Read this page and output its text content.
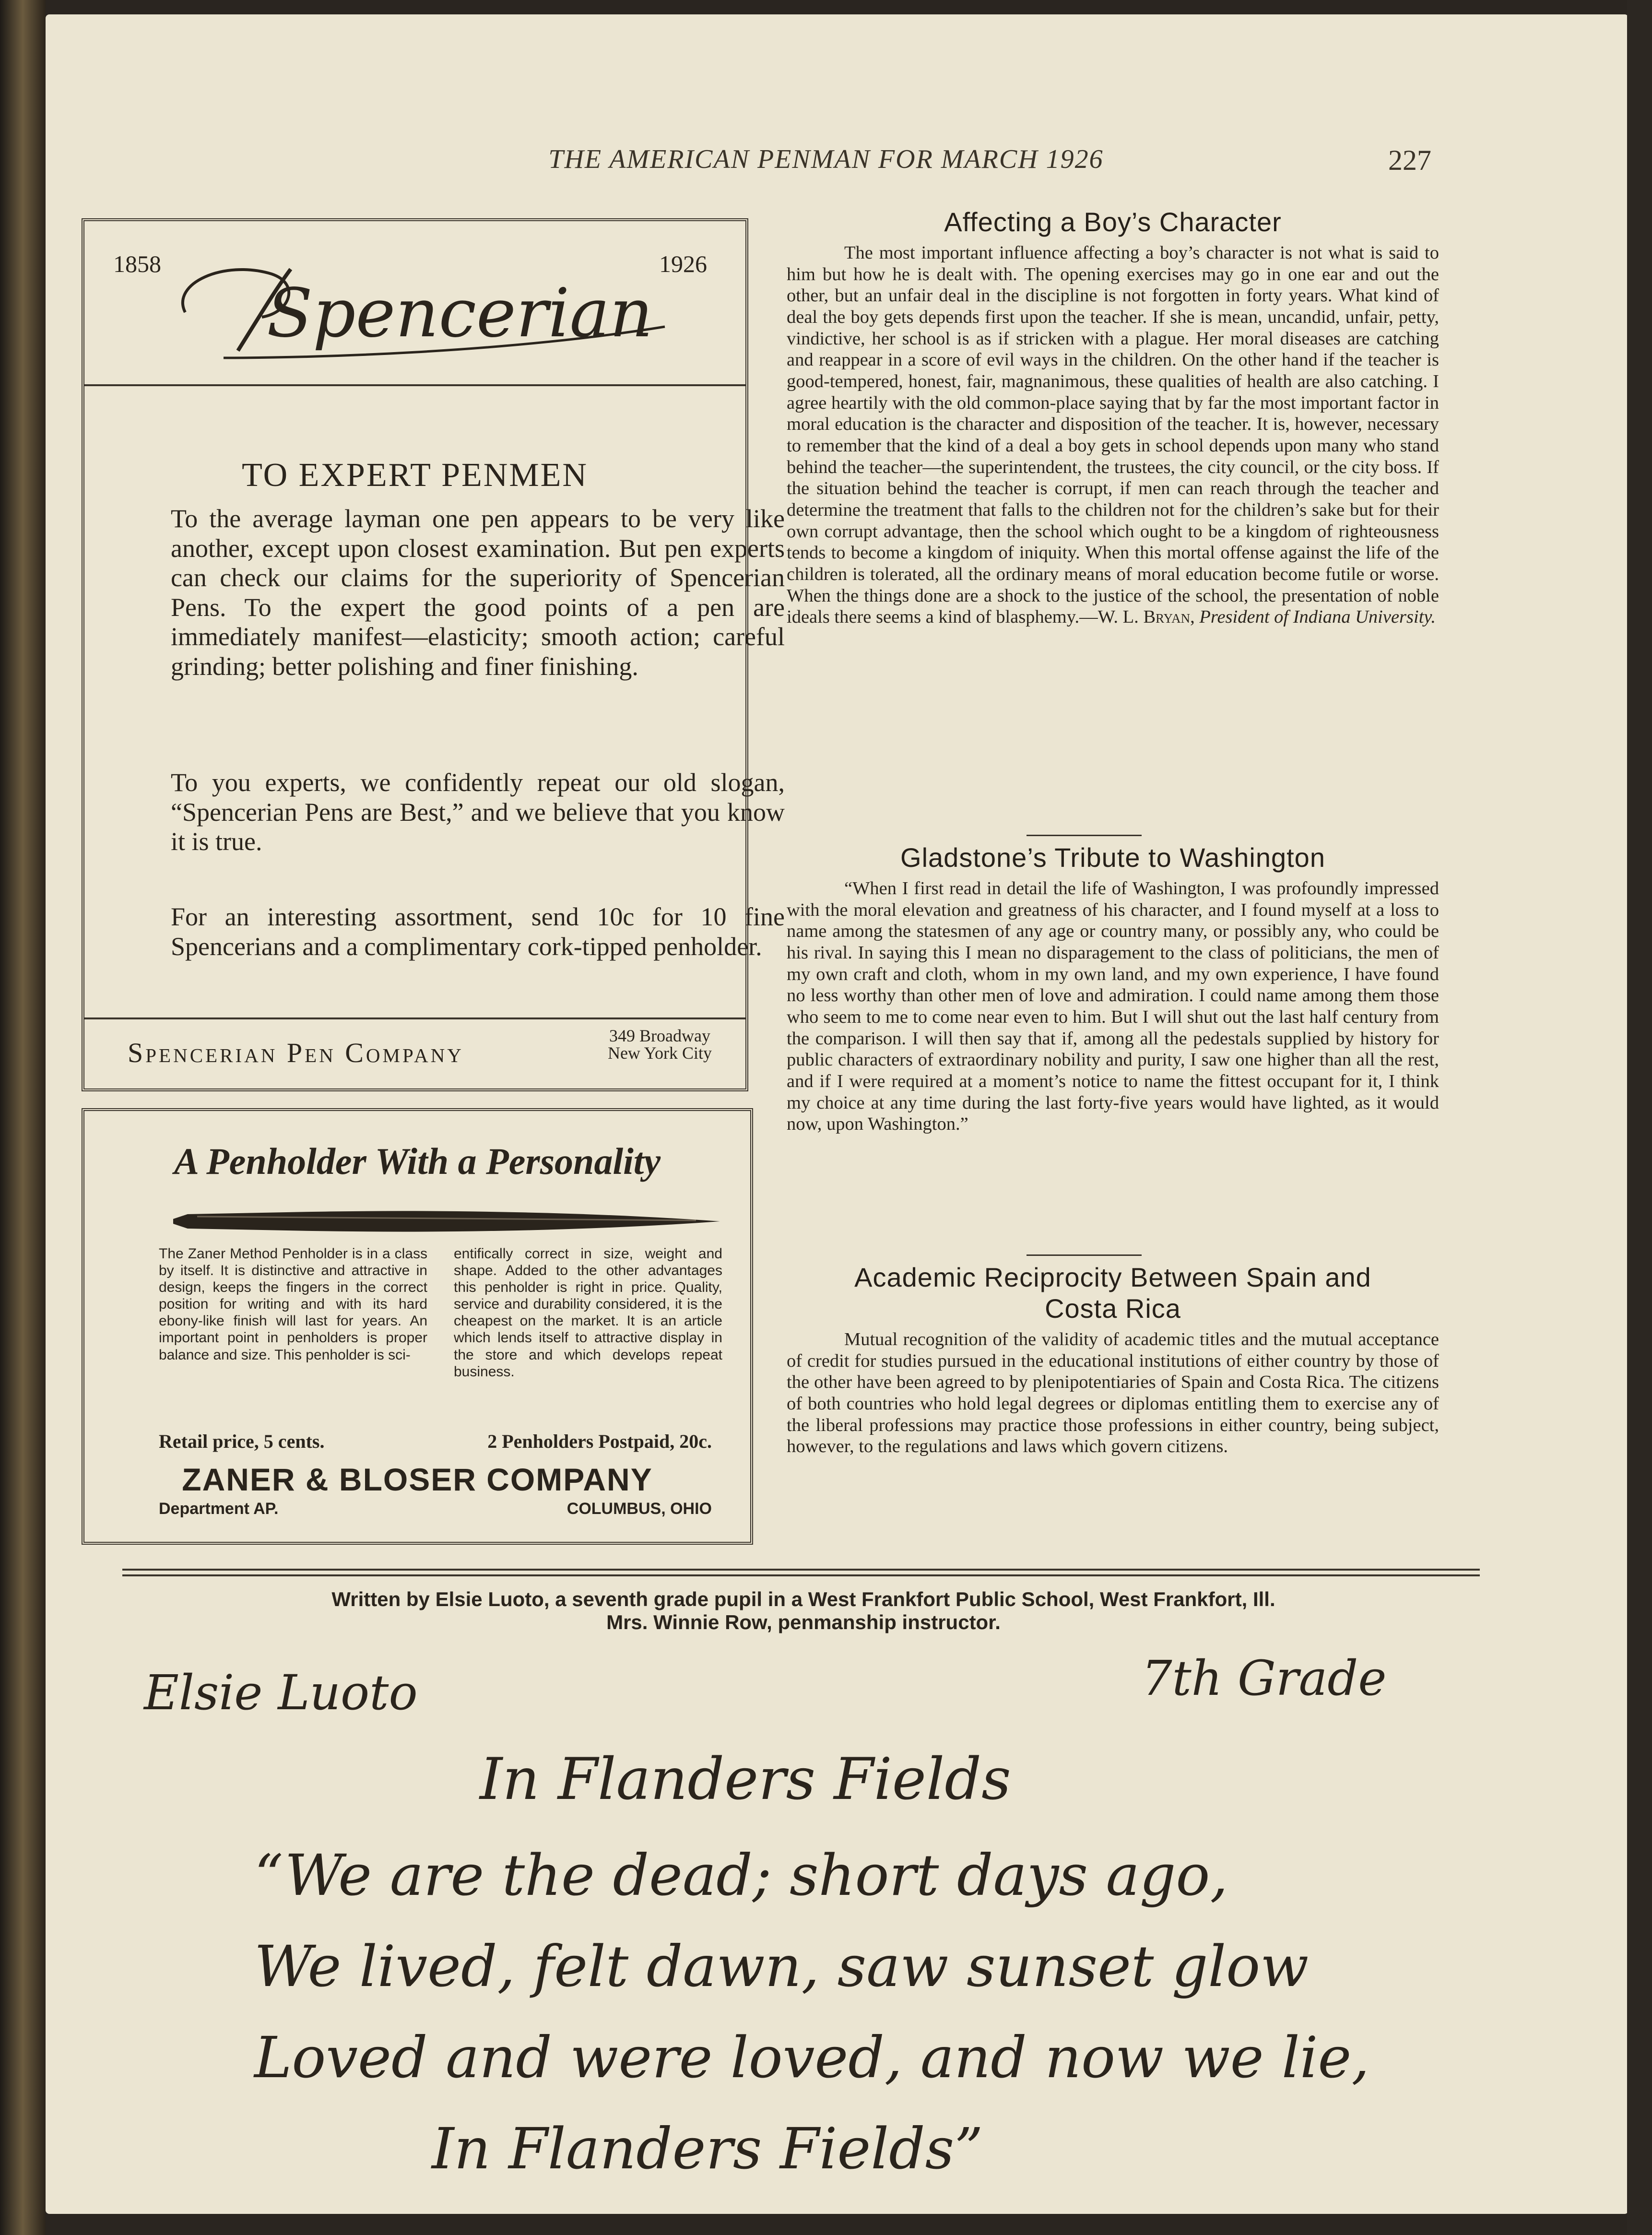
THE AMERICAN PENMAN FOR MARCH 1926	227
1858	1926
Spencerian
TO EXPERT PENMEN
To the average layman one pen appears to be very like another, except upon closest examination. But pen experts can check our claims for the superiority of Spencerian Pens. To the expert the good points of a pen are immediately manifest—elasticity; smooth action; careful grinding; better polishing and finer finishing.
To you experts, we confidently repeat our old slogan, “Spencerian Pens are Best,” and we believe that you know it is true.
For an interesting assortment, send 10c for 10 fine Spencerians and a complimentary cork-tipped penholder.
Spencerian Pen Company
349 Broadway
New York City
A Penholder With a Personality
The Zaner Method Penholder is in a class by itself. It is distinctive and attractive in design, keeps the fingers in the correct position for writing and with its hard ebony-like finish will last for years. An important point in penholders is proper balance and size. This penholder is sci-
entifically correct in size, weight and shape. Added to the other advantages this penholder is right in price. Quality, service and durability considered, it is the cheapest on the market. It is an article which lends itself to attractive display in the store and which develops repeat business.
Retail price, 5 cents.	2 Penholders Postpaid, 20c.
ZANER & BLOSER COMPANY
Department AP.	COLUMBUS, OHIO
Affecting a Boy’s Character

The most important influence affecting a boy’s character is not what is said to him but how he is dealt with. The opening exercises may go in one ear and out the other, but an unfair deal in the discipline is not forgotten in forty years. What kind of deal the boy gets depends first upon the teacher. If she is mean, uncandid, unfair, petty, vindictive, her school is as if stricken with a plague. Her moral diseases are catching and reappear in a score of evil ways in the children. On the other hand if the teacher is good-tempered, honest, fair, magnanimous, these qualities of health are also catching. I agree heartily with the old common-place saying that by far the most important factor in moral education is the character and disposition of the teacher. It is, however, necessary to remember that the kind of a deal a boy gets in school depends upon many who stand behind the teacher—the superintendent, the trustees, the city council, or the city boss. If the situation behind the teacher is corrupt, if men can reach through the teacher and determine the treatment that falls to the children not for the children’s sake but for their own corrupt advantage, then the school which ought to be a kingdom of righteousness tends to become a kingdom of iniquity. When this mortal offense against the life of the children is tolerated, all the ordinary means of moral education become futile or worse. When the things done are a shock to the justice of the school, the presentation of noble ideals there seems a kind of blasphemy.—W. L. Bryan, President of Indiana University.

Gladstone’s Tribute to Washington

“When I first read in detail the life of Washington, I was profoundly impressed with the moral elevation and greatness of his character, and I found myself at a loss to name among the statesmen of any age or country many, or possibly any, who could be his rival. In saying this I mean no disparagement to the class of politicians, the men of my own craft and cloth, whom in my own land, and my own experience, I have found no less worthy than other men of love and admiration. I could name among them those who seem to me to come near even to him. But I will shut out the last half century from the comparison. I will then say that if, among all the pedestals supplied by history for public characters of extraordinary nobility and purity, I saw one higher than all the rest, and if I were required at a moment’s notice to name the fittest occupant for it, I think my choice at any time during the last forty-five years would have lighted, as it would now, upon Washington.”

Academic Reciprocity Between Spain and
Costa Rica

Mutual recognition of the validity of academic titles and the mutual acceptance of credit for studies pursued in the educational institutions of either country by those of the other have been agreed to by plenipotentiaries of Spain and Costa Rica. The citizens of both countries who hold legal degrees or diplomas entitling them to exercise any of the liberal professions may practice those professions in either country, being subject, however, to the regulations and laws which govern citizens.

Written by Elsie Luoto, a seventh grade pupil in a West Frankfort Public School, West Frankfort, Ill.
Mrs. Winnie Row, penmanship instructor.
Elsie Luoto	7th Grade
In Flanders Fields
“We are the dead; short days ago,
We lived, felt dawn, saw sunset glow
Loved and were loved, and now we lie,
In Flanders Fields”
